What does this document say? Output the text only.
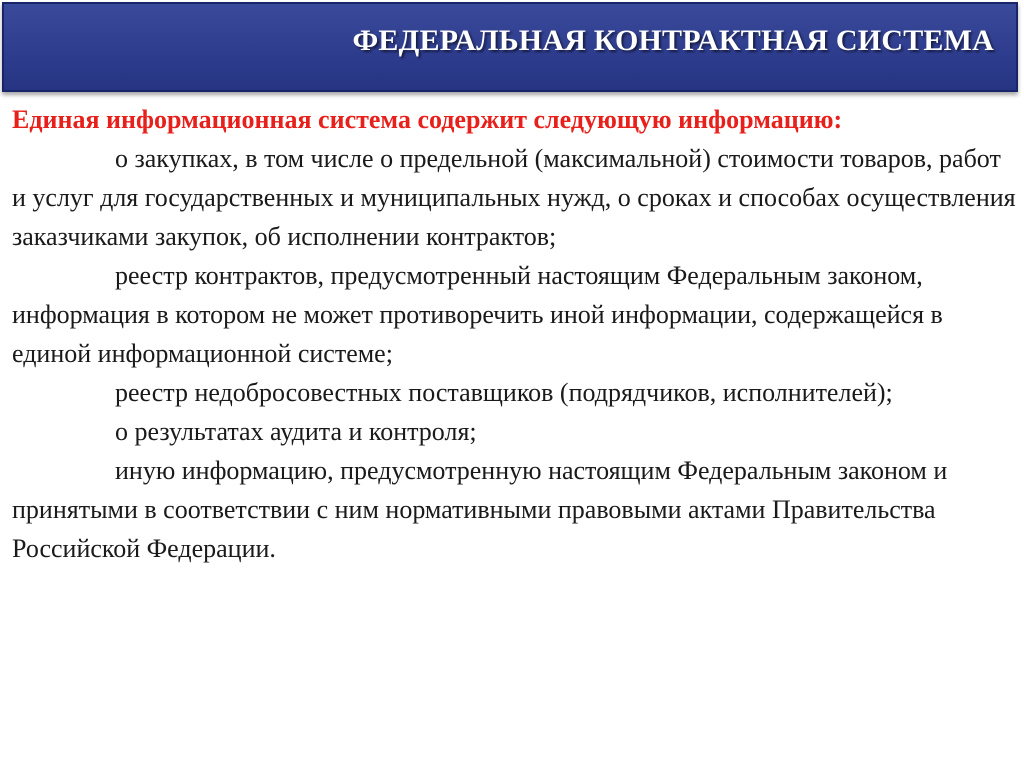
ФЕДЕРАЛЬНАЯ КОНТРАКТНАЯ СИСТЕМА

Единая информационная система содержит следующую информацию:

о закупках, в том числе о предельной (максимальной) стоимости товаров, работ и услуг для государственных и муниципальных нужд, о сроках и способах осуществления заказчиками закупок, об исполнении контрактов;

реестр контрактов, предусмотренный настоящим Федеральным законом, информация в котором не может противоречить иной информации, содержащейся в единой информационной системе;

реестр недобросовестных поставщиков (подрядчиков, исполнителей);

о результатах аудита и контроля;

иную информацию, предусмотренную настоящим Федеральным законом и принятыми в соответствии с ним нормативными правовыми актами Правительства Российской Федерации.
